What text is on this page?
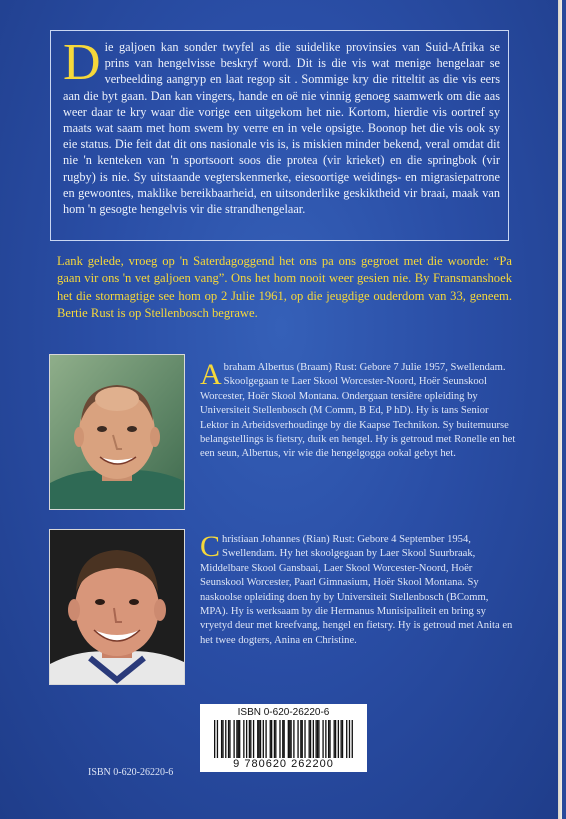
D ie galjoen kan sonder twyfel as die suidelike provinsies van Suid-Afrika se prins van hengelvisse beskryf word. Dit is die vis wat menige hengelaar se verbeelding aangryp en laat regop sit . Sommige kry die ritteltit as die vis eers aan die byt gaan. Dan kan vingers, hande en oë nie vinnig genoeg saamwerk om die aas weer daar te kry waar die vorige een uitgekom het nie. Kortom, hierdie vis oortref sy maats wat saam met hom swem by verre en in vele opsigte. Boonop het die vis ook sy eie status. Die feit dat dit ons nasionale vis is, is miskien minder bekend, veral omdat dit nie 'n kenteken van 'n sportsoort soos die protea (vir krieket) en die springbok (vir rugby) is nie. Sy uitstaande vegterskenmerke, eiesoortige weidings- en migrasiepatrone en gewoontes, maklike bereikbaarheid, en uitsonderlike geskiktheid vir braai, maak van hom 'n gesogte hengelvis vir die strandhengelaar.
Lank gelede, vroeg op 'n Saterdagoggend het ons pa ons gegroet met die woorde: “Pa gaan vir ons 'n vet galjoen vang”. Ons het hom nooit weer gesien nie. By Fransmanshoek het die stormagtige see hom op 2 Julie 1961, op die jeugdige ouderdom van 33, geneem. Bertie Rust is op Stellenbosch begrawe.
A braham Albertus (Braam) Rust: Gebore 7 Julie 1957, Swellendam. Skoolgegaan te Laer Skool Worcester-Noord, Hoër Seunskool Worcester, Hoër Skool Montana. Ondergaan tersiêre opleiding by Universiteit Stellenbosch (M Comm, B Ed, P hD). Hy is tans Senior Lektor in Arbeidsverhoudinge by die Kaapse Technikon. Sy buitemuurse belangstellings is fietsry, duik en hengel. Hy is getroud met Ronelle en het een seun, Albertus, vir wie die hengelgogga ookal gebyt het.
C hristiaan Johannes (Rian) Rust: Gebore 4 September 1954, Swellendam. Hy het skoolgegaan by Laer Skool Suurbraak, Middelbare Skool Gansbaai, Laer Skool Worcester-Noord, Hoër Seunskool Worcester, Paarl Gimnasium, Hoër Skool Montana. Sy naskoolse opleiding doen hy by Universiteit Stellenbosch (BComm, MPA). Hy is werksaam by die Hermanus Munisipaliteit en bring sy vryetyd deur met kreefvang, hengel en fietsry. Hy is getroud met Anita en het twee dogters, Anina en Christine.
ISBN 0-620-26220-6
9 780620 262200
ISBN 0-620-26220-6
